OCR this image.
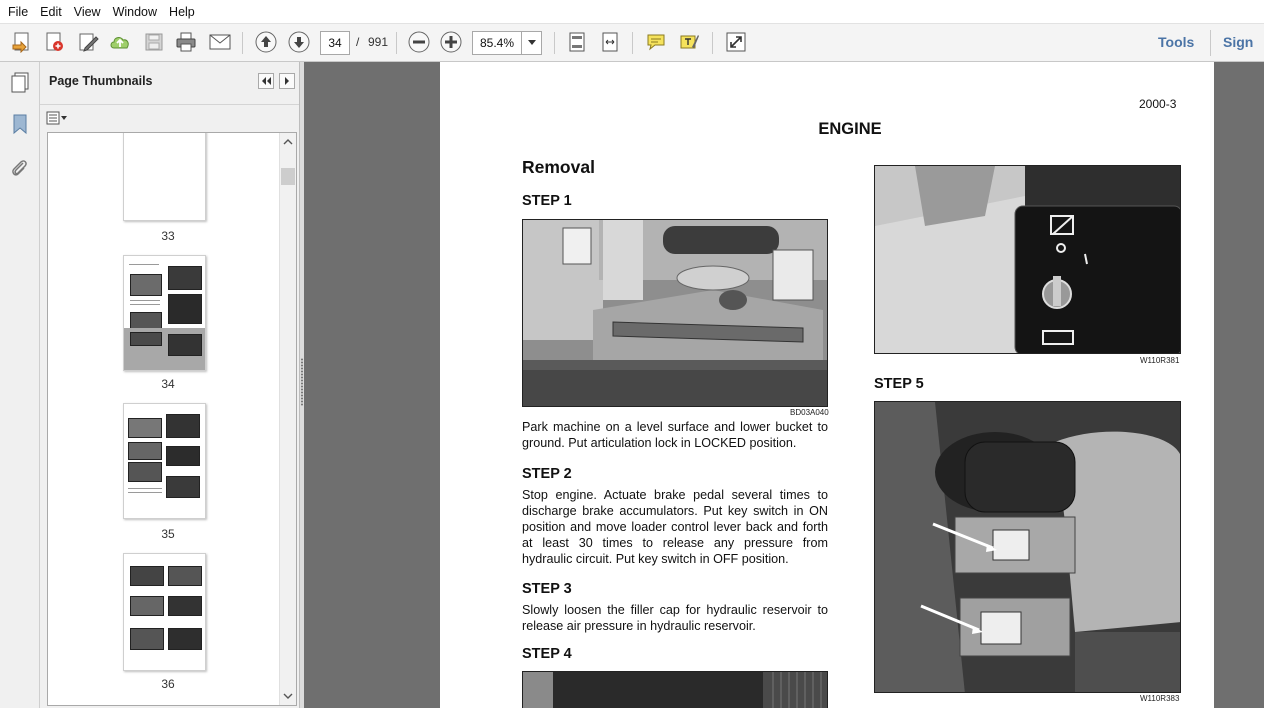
File Edit View Window Help
34	/ 991	85.4%	Tools Sign
Page Thumbnails
33
34
35
36
2000-3
ENGINE
Removal
STEP 1
BD03A040
Park machine on a level surface and lower bucket to ground. Put articulation lock in LOCKED position.
STEP 2
Stop engine. Actuate brake pedal several times to discharge brake accumulators. Put key switch in ON position and move loader control lever back and forth at least 30 times to release any pressure from hydraulic circuit. Put key switch in OFF position.
STEP 3
Slowly loosen the filler cap for hydraulic reservoir to release air pressure in hydraulic reservoir.
STEP 4
W110R381
STEP 5
W110R383
